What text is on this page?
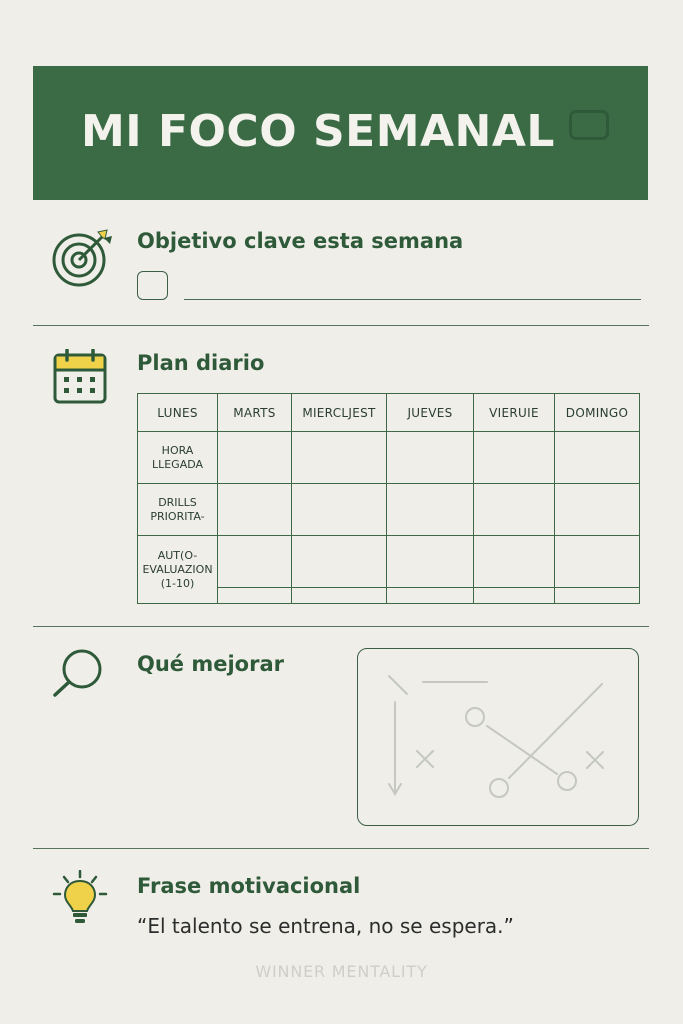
MI FOCO SEMANAL
Objetivo clave esta semana
Plan diario
LUNES	MARTS	MIERCLJEST	JUEVES	VIERUIE	DOMINGO

HORA
LLEGADA					

DRILLS
PRIORITA-					

AUT(O-
EVALUAZION
(1-10)					

Qué mejorar
Frase motivacional
“El talento se entrena, no se espera.”
WINNER MENTALITY
